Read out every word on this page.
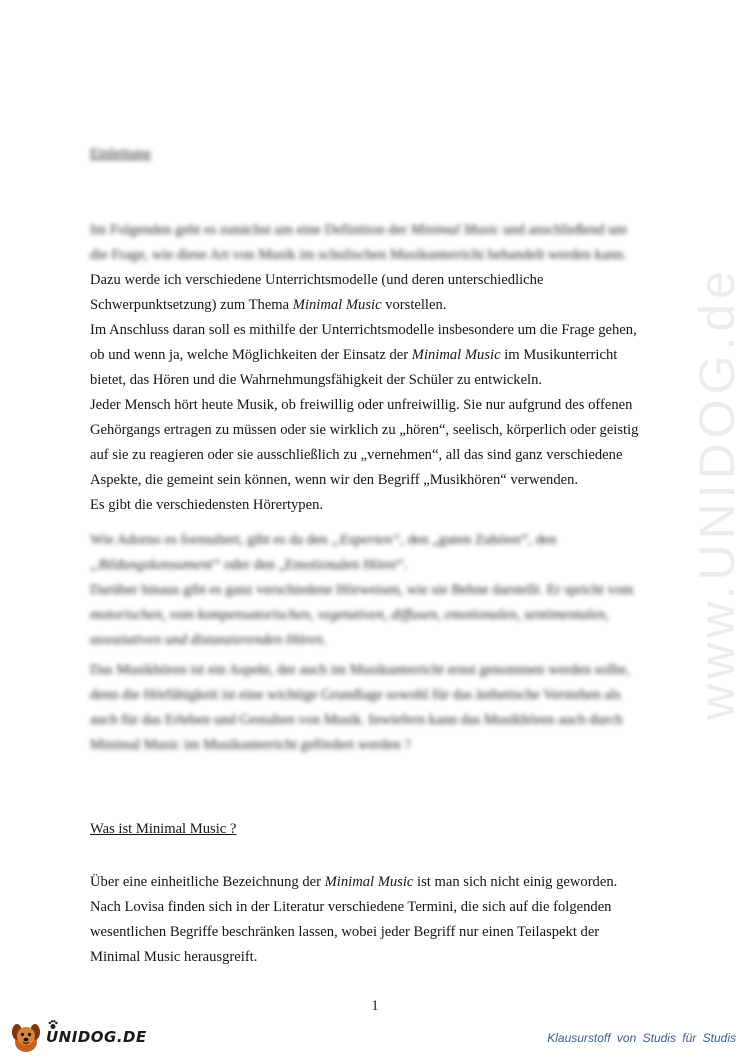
www.UNIDOG.de
Einleitung
Im Folgenden geht es zunächst um eine Definition der Minimal Music und anschließend um
die Frage, wie diese Art von Musik im schulischen Musikunterricht behandelt werden kann.
Dazu werde ich verschiedene Unterrichtsmodelle (und deren unterschiedliche
Schwerpunktsetzung) zum Thema Minimal Music vorstellen.
Im Anschluss daran soll es mithilfe der Unterrichtsmodelle insbesondere um die Frage gehen,
ob und wenn ja, welche Möglichkeiten der Einsatz der Minimal Music im Musikunterricht
bietet, das Hören und die Wahrnehmungsfähigkeit der Schüler zu entwickeln.
Jeder Mensch hört heute Musik, ob freiwillig oder unfreiwillig. Sie nur aufgrund des offenen
Gehörgangs ertragen zu müssen oder sie wirklich zu „hören“, seelisch, körperlich oder geistig
auf sie zu reagieren oder sie ausschließlich zu „vernehmen“, all das sind ganz verschiedene
Aspekte, die gemeint sein können, wenn wir den Begriff „Musikhören“ verwenden.
Es gibt die verschiedensten Hörertypen.
Wie Adorno es formuliert, gibt es da den „Experten“, den „guten Zuhörer“, den
„Bildungskonsument“ oder den „Emotionalen Hörer“.
Darüber hinaus gibt es ganz verschiedene Hörweisen, wie sie Behne darstellt. Er spricht vom
motorischen, vom kompensatorischen, vegetativen, diffusen, emotionalen, sentimentalen,
assoziativen und distanzierenden Hören.
Das Musikhören ist ein Aspekt, der auch im Musikunterricht ernst genommen werden sollte,
denn die Hörfähigkeit ist eine wichtige Grundlage sowohl für das ästhetische Verstehen als
auch für das Erleben und Gestalten von Musik. Inwiefern kann das Musikhören auch durch
Minimal Music im Musikunterricht gefördert werden ?
Was ist Minimal Music ?
Über eine einheitliche Bezeichnung der Minimal Music ist man sich nicht einig geworden.
Nach Lovisa finden sich in der Literatur verschiedene Termini, die sich auf die folgenden
wesentlichen Begriffe beschränken lassen, wobei jeder Begriff nur einen Teilaspekt der
Minimal Music herausgreift.
1
UNIDOG.DE	Klausurstoff von Studis für Studis
